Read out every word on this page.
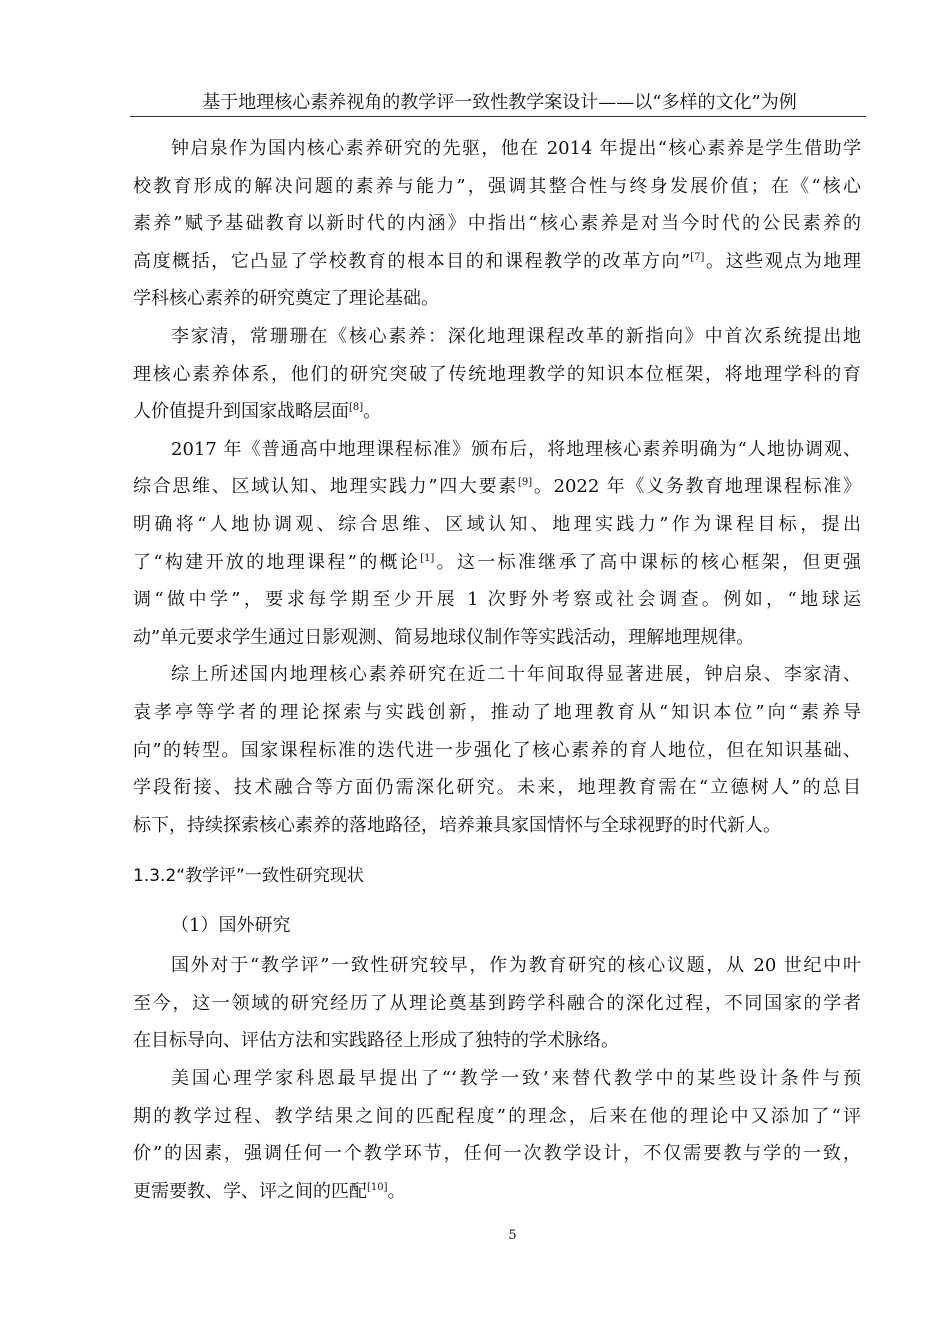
基于地理核心素养视角的教学评一致性教学案设计——以“多样的文化”为例
钟启泉作为国内核心素养研究的先驱，他在 2014 年提出“核心素养是学生借助学
校教育形成的解决问题的素养与能力”，强调其整合性与终身发展价值；在《“核心
素养”赋予基础教育以新时代的内涵》中指出“核心素养是对当今时代的公民素养的
高度概括，它凸显了学校教育的根本目的和课程教学的改革方向”[7]。这些观点为地理
学科核心素养的研究奠定了理论基础。
李家清，常珊珊在《核心素养：深化地理课程改革的新指向》中首次系统提出地
理核心素养体系，他们的研究突破了传统地理教学的知识本位框架，将地理学科的育
人价值提升到国家战略层面[8]。
2017 年《普通高中地理课程标准》颁布后，将地理核心素养明确为“人地协调观、
综合思维、区域认知、地理实践力”四大要素[9]。2022 年《义务教育地理课程标准》
明确将“人地协调观、综合思维、区域认知、地理实践力”作为课程目标，提出
了“构建开放的地理课程”的概论[1]。这一标准继承了高中课标的核心框架，但更强
调“做中学”，要求每学期至少开展 1 次野外考察或社会调查。例如，“地球运
动”单元要求学生通过日影观测、简易地球仪制作等实践活动，理解地理规律。
综上所述国内地理核心素养研究在近二十年间取得显著进展，钟启泉、李家清、
袁孝亭等学者的理论探索与实践创新，推动了地理教育从“知识本位”向“素养导
向”的转型。国家课程标准的迭代进一步强化了核心素养的育人地位，但在知识基础、
学段衔接、技术融合等方面仍需深化研究。未来，地理教育需在“立德树人”的总目
标下，持续探索核心素养的落地路径，培养兼具家国情怀与全球视野的时代新人。
1.3.2“教学评”一致性研究现状
（1）国外研究
国外对于“教学评”一致性研究较早，作为教育研究的核心议题，从 20 世纪中叶
至今，这一领域的研究经历了从理论奠基到跨学科融合的深化过程，不同国家的学者
在目标导向、评估方法和实践路径上形成了独特的学术脉络。
美国心理学家科恩最早提出了“‘教学一致’来替代教学中的某些设计条件与预
期的教学过程、教学结果之间的匹配程度”的理念，后来在他的理论中又添加了“评
价”的因素，强调任何一个教学环节，任何一次教学设计，不仅需要教与学的一致，
更需要教、学、评之间的匹配[10]。
5
